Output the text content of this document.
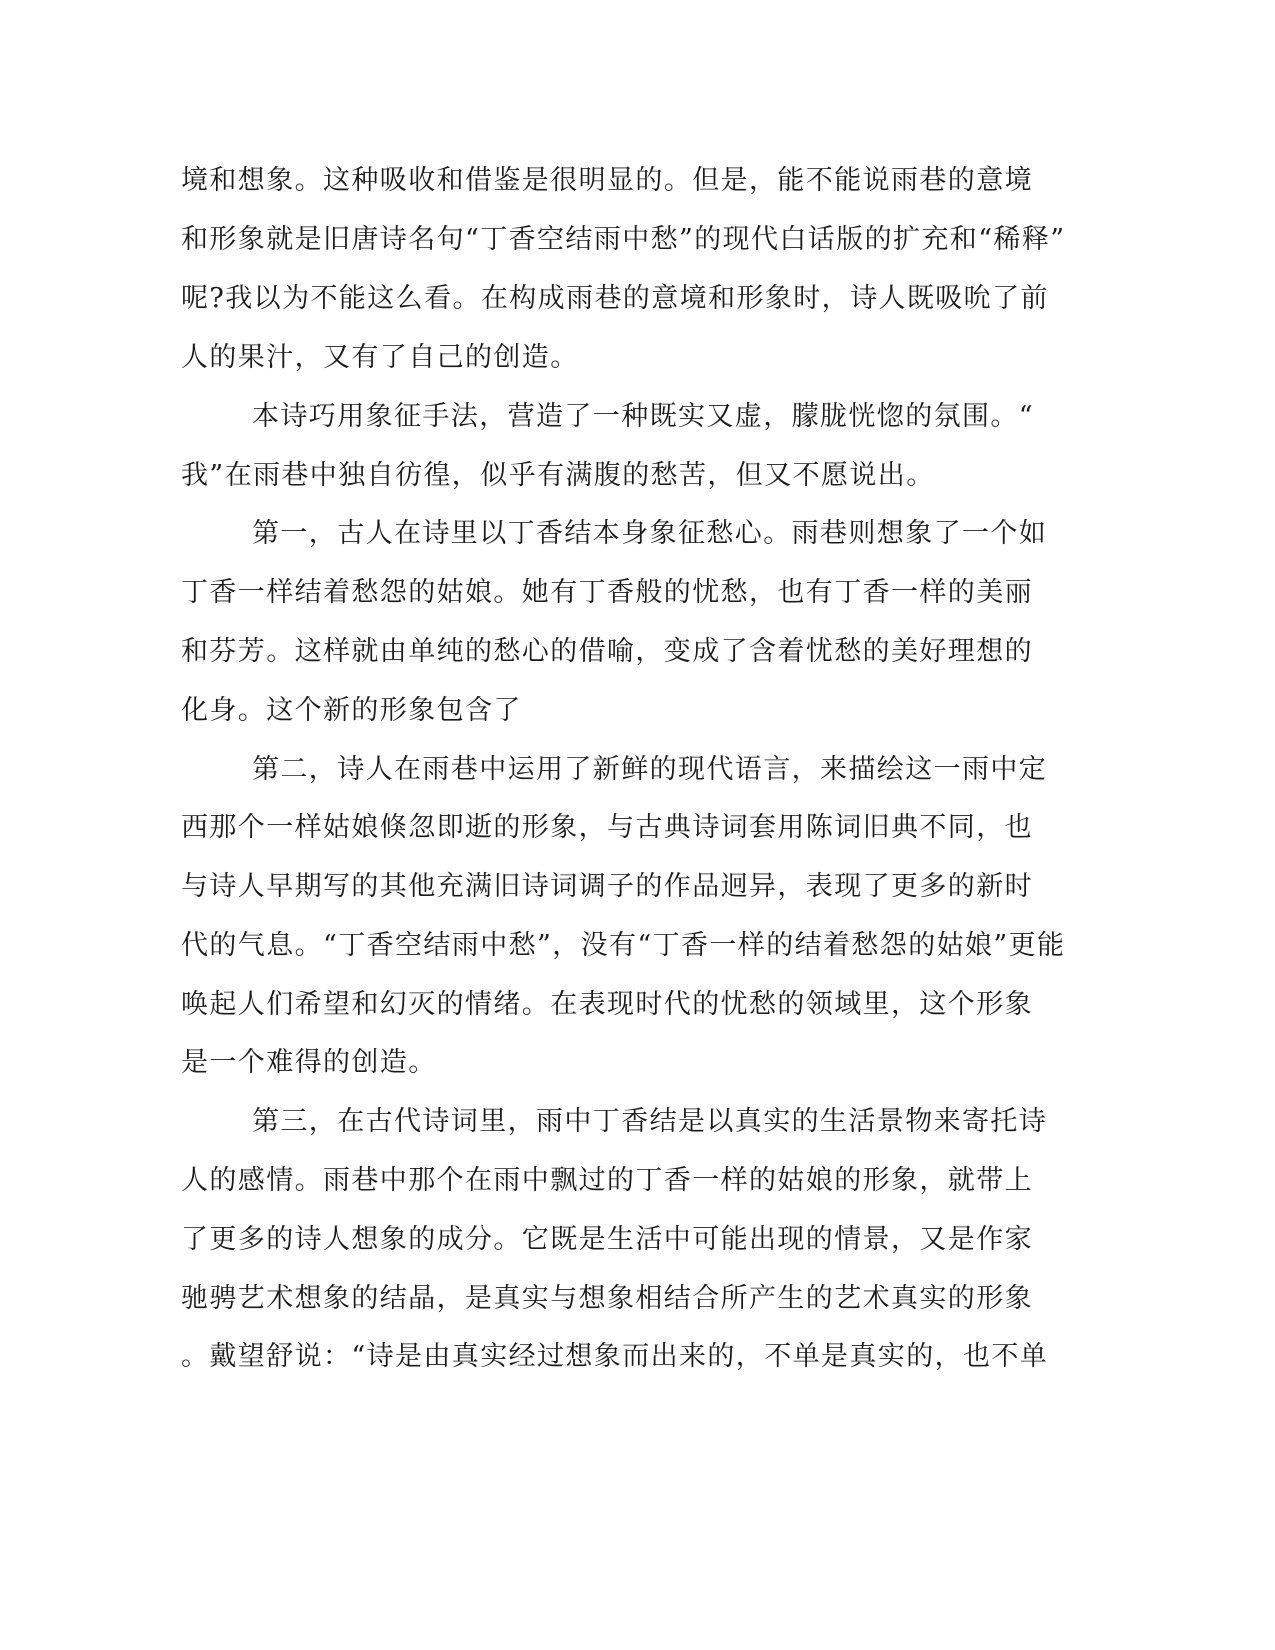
境和想象。这种吸收和借鉴是很明显的。但是，能不能说雨巷的意境
和形象就是旧唐诗名句“丁香空结雨中愁”的现代白话版的扩充和“稀释”
呢?我以为不能这么看。在构成雨巷的意境和形象时，诗人既吸吮了前
人的果汁，又有了自己的创造。
本诗巧用象征手法，营造了一种既实又虚，朦胧恍惚的氛围。“
我”在雨巷中独自彷徨，似乎有满腹的愁苦，但又不愿说出。
第一，古人在诗里以丁香结本身象征愁心。雨巷则想象了一个如
丁香一样结着愁怨的姑娘。她有丁香般的忧愁，也有丁香一样的美丽
和芬芳。这样就由单纯的愁心的借喻，变成了含着忧愁的美好理想的
化身。这个新的形象包含了
第二，诗人在雨巷中运用了新鲜的现代语言，来描绘这一雨中定
西那个一样姑娘倏忽即逝的形象，与古典诗词套用陈词旧典不同，也
与诗人早期写的其他充满旧诗词调子的作品迥异，表现了更多的新时
代的气息。“丁香空结雨中愁”，没有“丁香一样的结着愁怨的姑娘”更能
唤起人们希望和幻灭的情绪。在表现时代的忧愁的领域里，这个形象
是一个难得的创造。
第三，在古代诗词里，雨中丁香结是以真实的生活景物来寄托诗
人的感情。雨巷中那个在雨中飘过的丁香一样的姑娘的形象，就带上
了更多的诗人想象的成分。它既是生活中可能出现的情景，又是作家
驰骋艺术想象的结晶，是真实与想象相结合所产生的艺术真实的形象
。戴望舒说：“诗是由真实经过想象而出来的，不单是真实的，也不单
